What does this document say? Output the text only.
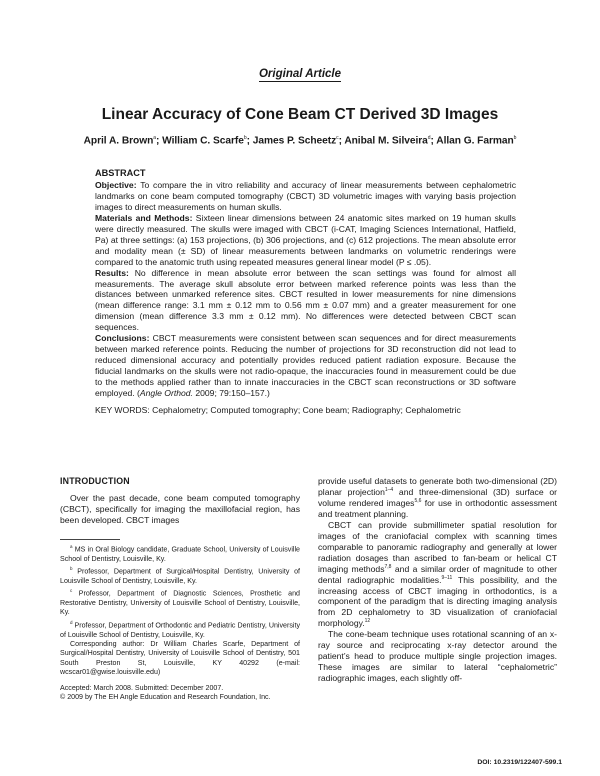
Original Article
Linear Accuracy of Cone Beam CT Derived 3D Images
April A. Brown$^a$; William C. Scarfe$^b$; James P. Scheetz$^c$; Anibal M. Silveira$^d$; Allan G. Farman$^b$

ABSTRACT

Objective: To compare the in vitro reliability and accuracy of linear measurements between cephalometric landmarks on cone beam computed tomography (CBCT) 3D volumetric images with varying basis projection images to direct measurements on human skulls.

Materials and Methods: Sixteen linear dimensions between 24 anatomic sites marked on 19 human skulls were directly measured. The skulls were imaged with CBCT (i-CAT, Imaging Sciences International, Hatfield, Pa) at three settings: (a) 153 projections, (b) 306 projections, and (c) 612 projections. The mean absolute error and modality mean (± SD) of linear measurements between landmarks on volumetric renderings were compared to the anatomic truth using repeated measures general linear model (P ≤ .05).

Results: No difference in mean absolute error between the scan settings was found for almost all measurements. The average skull absolute error between marked reference points was less than the distances between unmarked reference sites. CBCT resulted in lower measurements for nine dimensions (mean difference range: 3.1 mm ± 0.12 mm to 0.56 mm ± 0.07 mm) and a greater measurement for one dimension (mean difference 3.3 mm ± 0.12 mm). No differences were detected between CBCT scan sequences.

Conclusions: CBCT measurements were consistent between scan sequences and for direct measurements between marked reference points. Reducing the number of projections for 3D reconstruction did not lead to reduced dimensional accuracy and potentially provides reduced patient radiation exposure. Because the fiducial landmarks on the skulls were not radio-opaque, the inaccuracies found in measurement could be due to the methods applied rather than to innate inaccuracies in the CBCT scan reconstructions or 3D software employed. (Angle Orthod. 2009; 79:150–157.)

KEY WORDS: Cephalometry; Computed tomography; Cone beam; Radiography; Cephalometric

INTRODUCTION

Over the past decade, cone beam computed tomography (CBCT), specifically for imaging the maxillofacial region, has been developed. CBCT images

$^a$ MS in Oral Biology candidate, Graduate School, University of Louisville School of Dentistry, Louisville, Ky.

$^b$ Professor, Department of Surgical/Hospital Dentistry, University of Louisville School of Dentistry, Louisville, Ky.

$^c$ Professor, Department of Diagnostic Sciences, Prosthetic and Restorative Dentistry, University of Louisville School of Dentistry, Louisville, Ky.

$^d$ Professor, Department of Orthodontic and Pediatric Dentistry, University of Louisville School of Dentistry, Louisville, Ky.

Corresponding author: Dr William Charles Scarfe, Department of Surgical/Hospital Dentistry, University of Louisville School of Dentistry, 501 South Preston St, Louisville, KY 40292 (e-mail: wcscar01@gwise.louisville.edu)

Accepted: March 2008. Submitted: December 2007.

© 2009 by The EH Angle Education and Research Foundation, Inc.

provide useful datasets to generate both two-dimensional (2D) planar projection$^{1-4}$ and three-dimensional (3D) surface or volume rendered images$^{5,6}$ for use in orthodontic assessment and treatment planning.

CBCT can provide submillimeter spatial resolution for images of the craniofacial complex with scanning times comparable to panoramic radiography and generally at lower radiation dosages than ascribed to fan-beam or helical CT imaging methods$^{7,8}$ and a similar order of magnitude to other dental radiographic modalities.$^{9-11}$ This possibility, and the increasing access of CBCT imaging in orthodontics, is a component of the paradigm that is directing imaging analysis from 2D cephalometry to 3D visualization of craniofacial morphology.$^{12}$

The cone-beam technique uses rotational scanning of an x-ray source and reciprocating x-ray detector around the patient’s head to produce multiple single projection images. These images are similar to lateral “cephalometric” radiographic images, each slightly off-

DOI: 10.2319/122407-599.1
